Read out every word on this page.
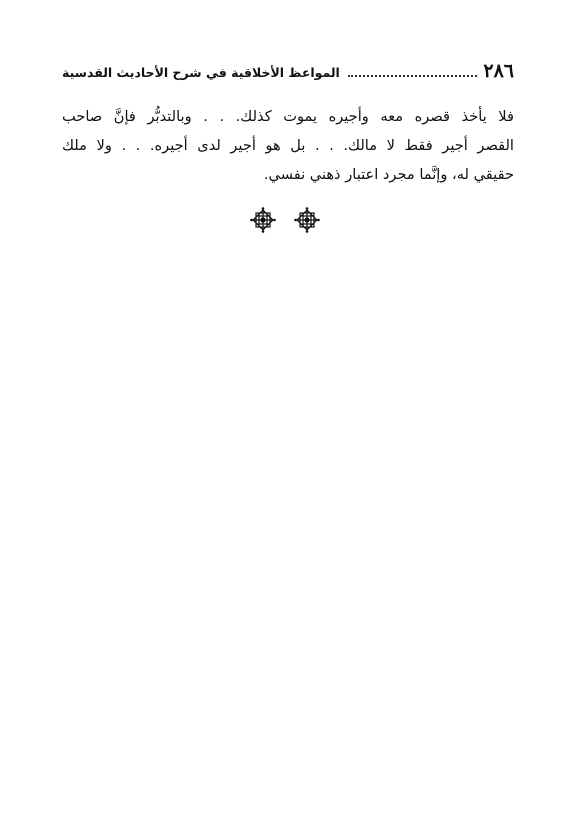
٢٨٦
المواعظ الأخلاقية في شرح الأحاديث القدسية
فلا يأخذ قصره معه وأجيره يموت كذلك. . . وبالتدبُّر فإنَّ صاحب
القصر أجير فقط لا مالك. . . بل هو أجير لدى أجيره. . . ولا ملك
حقيقي له، وإنَّما مجرد اعتبار ذهني نفسي.
